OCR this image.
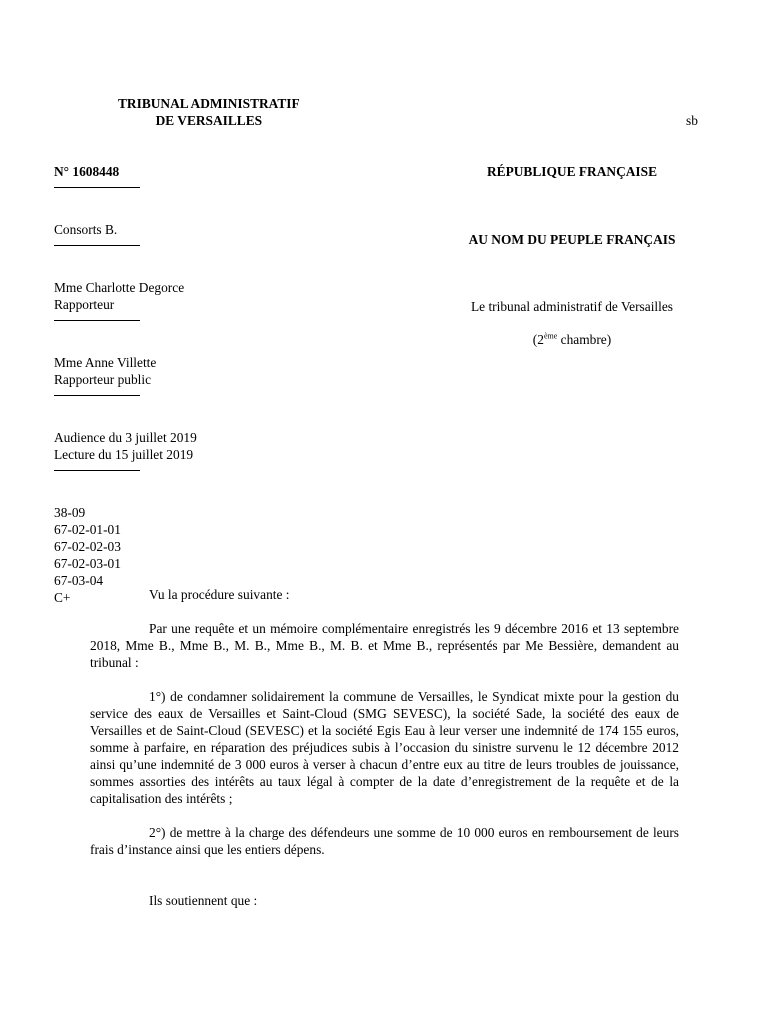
TRIBUNAL ADMINISTRATIF
DE VERSAILLES	sb
N° 1608448
Consorts B.
Mme Charlotte Degorce
Rapporteur
Mme Anne Villette
Rapporteur public
Audience du 3 juillet 2019
Lecture du 15 juillet 2019
38-09
67-02-01-01
67-02-02-03
67-02-03-01
67-03-04
C+
RÉPUBLIQUE FRANÇAISE
AU NOM DU PEUPLE FRANÇAIS
Le tribunal administratif de Versailles
(2ème chambre)

Vu la procédure suivante :

Par une requête et un mémoire complémentaire enregistrés les 9 décembre 2016 et 13 septembre 2018, Mme B., Mme B., M. B., Mme B., M. B. et Mme B., représentés par Me Bessière, demandent au tribunal :

1°) de condamner solidairement la commune de Versailles, le Syndicat mixte pour la gestion du service des eaux de Versailles et Saint-Cloud (SMG SEVESC), la société Sade, la société des eaux de Versailles et de Saint-Cloud (SEVESC) et la société Egis Eau à leur verser une indemnité de 174 155 euros, somme à parfaire, en réparation des préjudices subis à l’occasion du sinistre survenu le 12 décembre 2012 ainsi qu’une indemnité de 3 000 euros à verser à chacun d’entre eux au titre de leurs troubles de jouissance, sommes assorties des intérêts au taux légal à compter de la date d’enregistrement de la requête et de la capitalisation des intérêts ;

2°) de mettre à la charge des défendeurs une somme de 10 000 euros en remboursement de leurs frais d’instance ainsi que les entiers dépens.

Ils soutiennent que :
